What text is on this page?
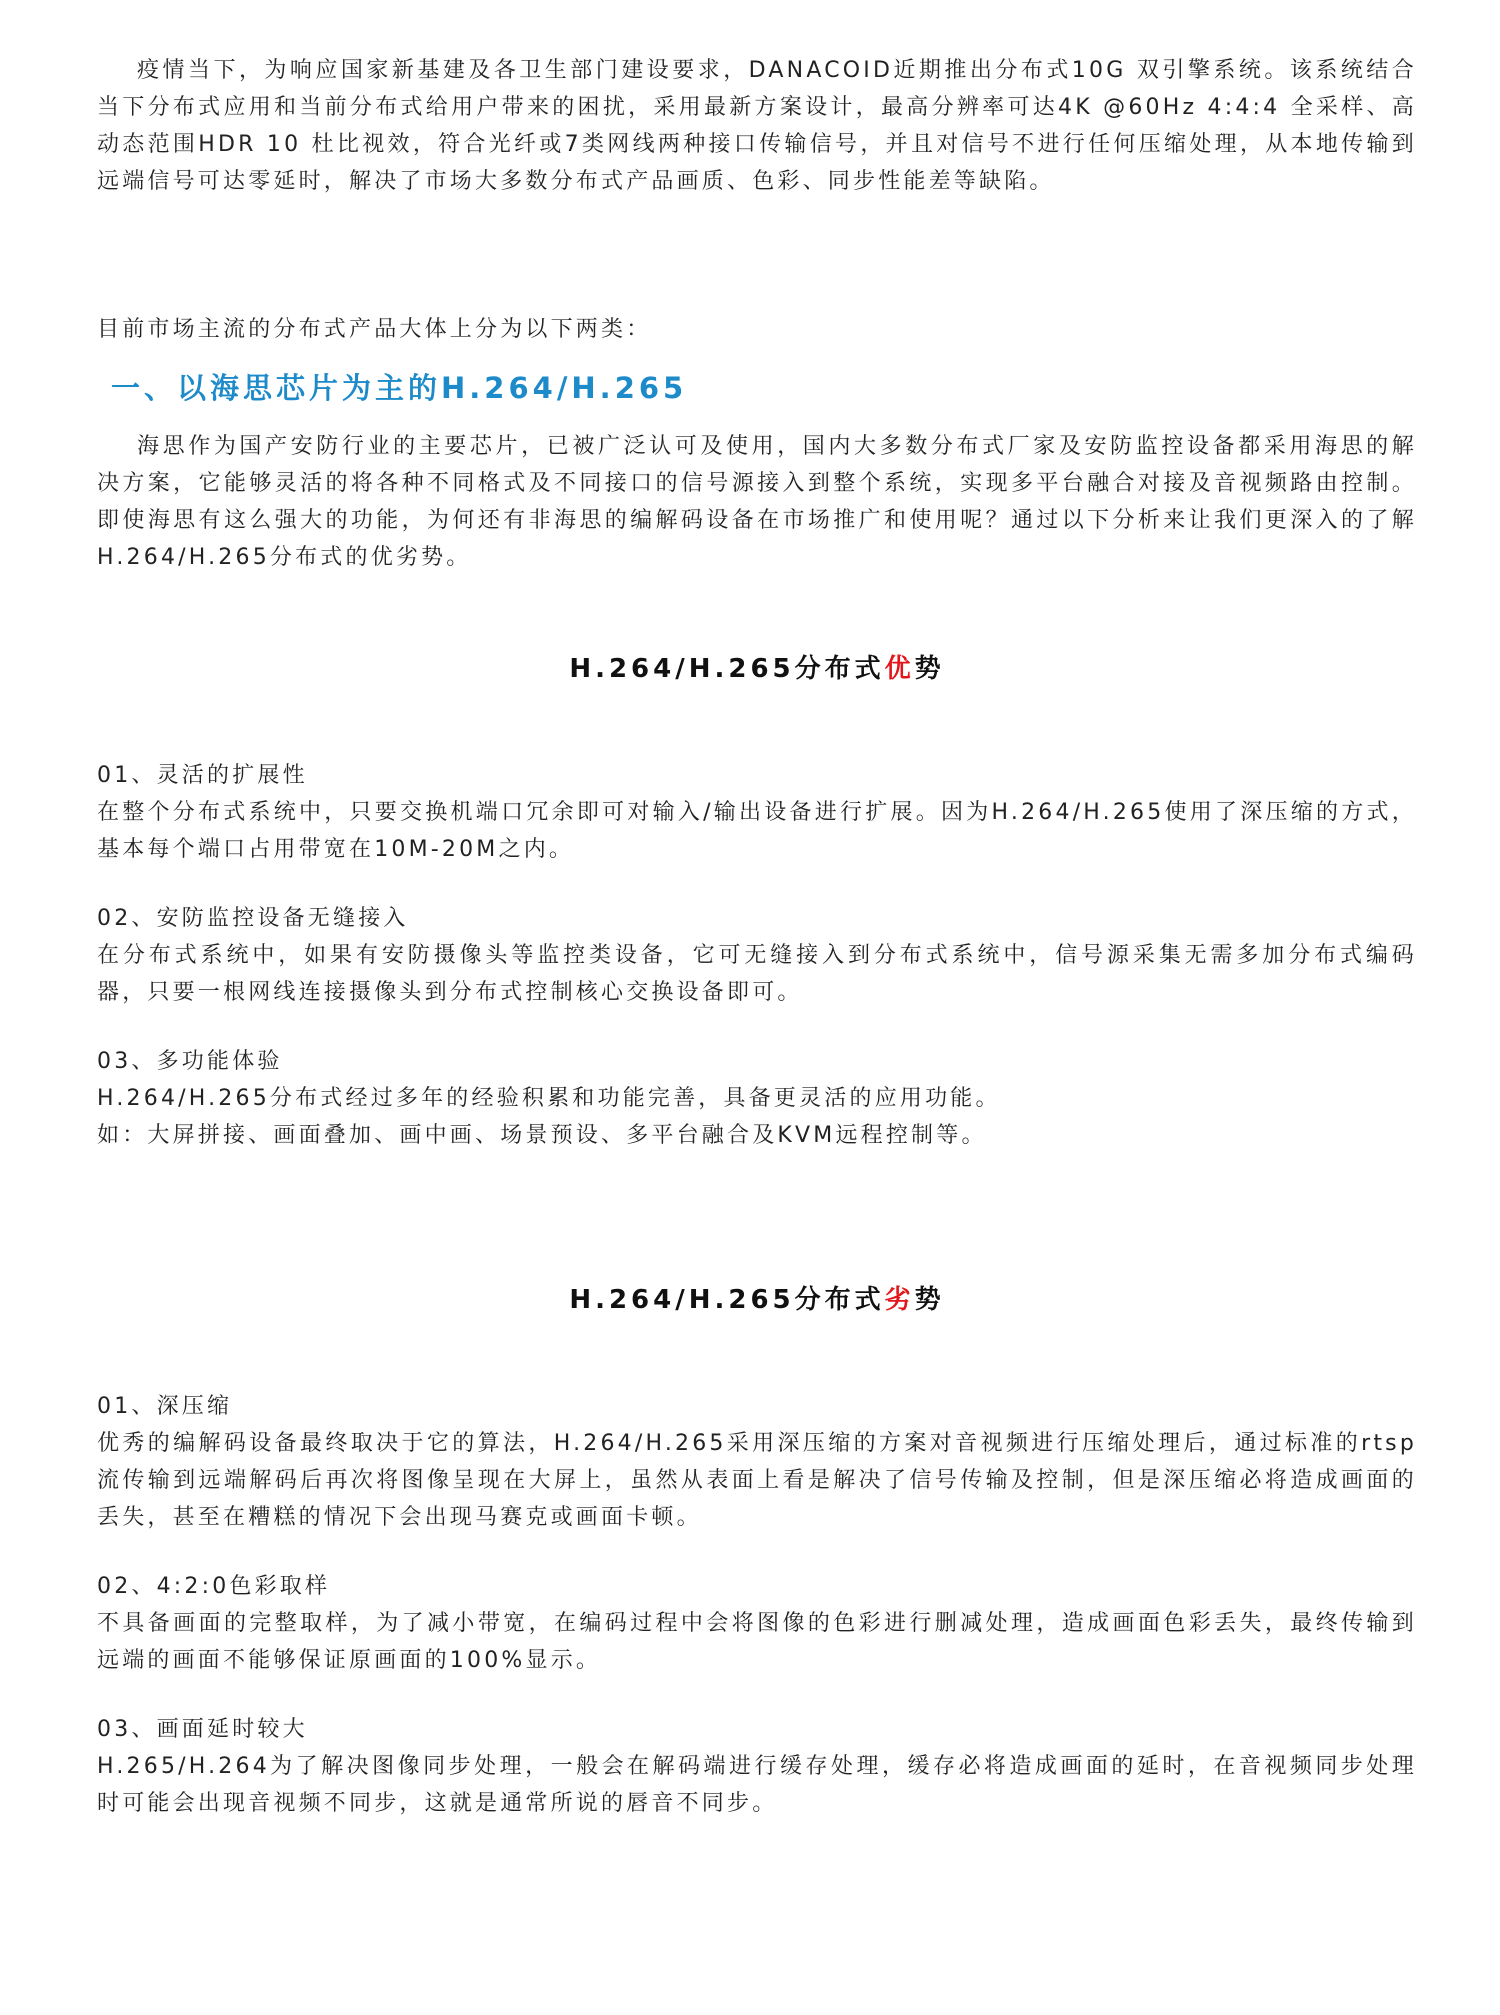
疫情当下，为响应国家新基建及各卫生部门建设要求，DANACOID近期推出分布式10G 双引擎系统。该系统结合当下分布式应用和当前分布式给用户带来的困扰，采用最新方案设计，最高分辨率可达4K @60Hz 4:4:4 全采样、高动态范围HDR 10 杜比视效，符合光纤或7类网线两种接口传输信号，并且对信号不进行任何压缩处理，从本地传输到远端信号可达零延时，解决了市场大多数分布式产品画质、色彩、同步性能差等缺陷。

目前市场主流的分布式产品大体上分为以下两类：

一、以海思芯片为主的H.264/H.265

海思作为国产安防行业的主要芯片，已被广泛认可及使用，国内大多数分布式厂家及安防监控设备都采用海思的解决方案，它能够灵活的将各种不同格式及不同接口的信号源接入到整个系统，实现多平台融合对接及音视频路由控制。即使海思有这么强大的功能，为何还有非海思的编解码设备在市场推广和使用呢？通过以下分析来让我们更深入的了解H.264/H.265分布式的优劣势。

H.264/H.265分布式优势

01、灵活的扩展性

在整个分布式系统中，只要交换机端口冗余即可对输入/输出设备进行扩展。因为H.264/H.265使用了深压缩的方式，基本每个端口占用带宽在10M-20M之内。

02、安防监控设备无缝接入

在分布式系统中，如果有安防摄像头等监控类设备，它可无缝接入到分布式系统中，信号源采集无需多加分布式编码器，只要一根网线连接摄像头到分布式控制核心交换设备即可。

03、多功能体验

H.264/H.265分布式经过多年的经验积累和功能完善，具备更灵活的应用功能。

如：大屏拼接、画面叠加、画中画、场景预设、多平台融合及KVM远程控制等。

H.264/H.265分布式劣势

01、深压缩

优秀的编解码设备最终取决于它的算法，H.264/H.265采用深压缩的方案对音视频进行压缩处理后，通过标准的rtsp流传输到远端解码后再次将图像呈现在大屏上，虽然从表面上看是解决了信号传输及控制，但是深压缩必将造成画面的丢失，甚至在糟糕的情况下会出现马赛克或画面卡顿。

02、4:2:0色彩取样

不具备画面的完整取样，为了减小带宽，在编码过程中会将图像的色彩进行删减处理，造成画面色彩丢失，最终传输到远端的画面不能够保证原画面的100%显示。

03、画面延时较大

H.265/H.264为了解决图像同步处理，一般会在解码端进行缓存处理，缓存必将造成画面的延时，在音视频同步处理时可能会出现音视频不同步，这就是通常所说的唇音不同步。
